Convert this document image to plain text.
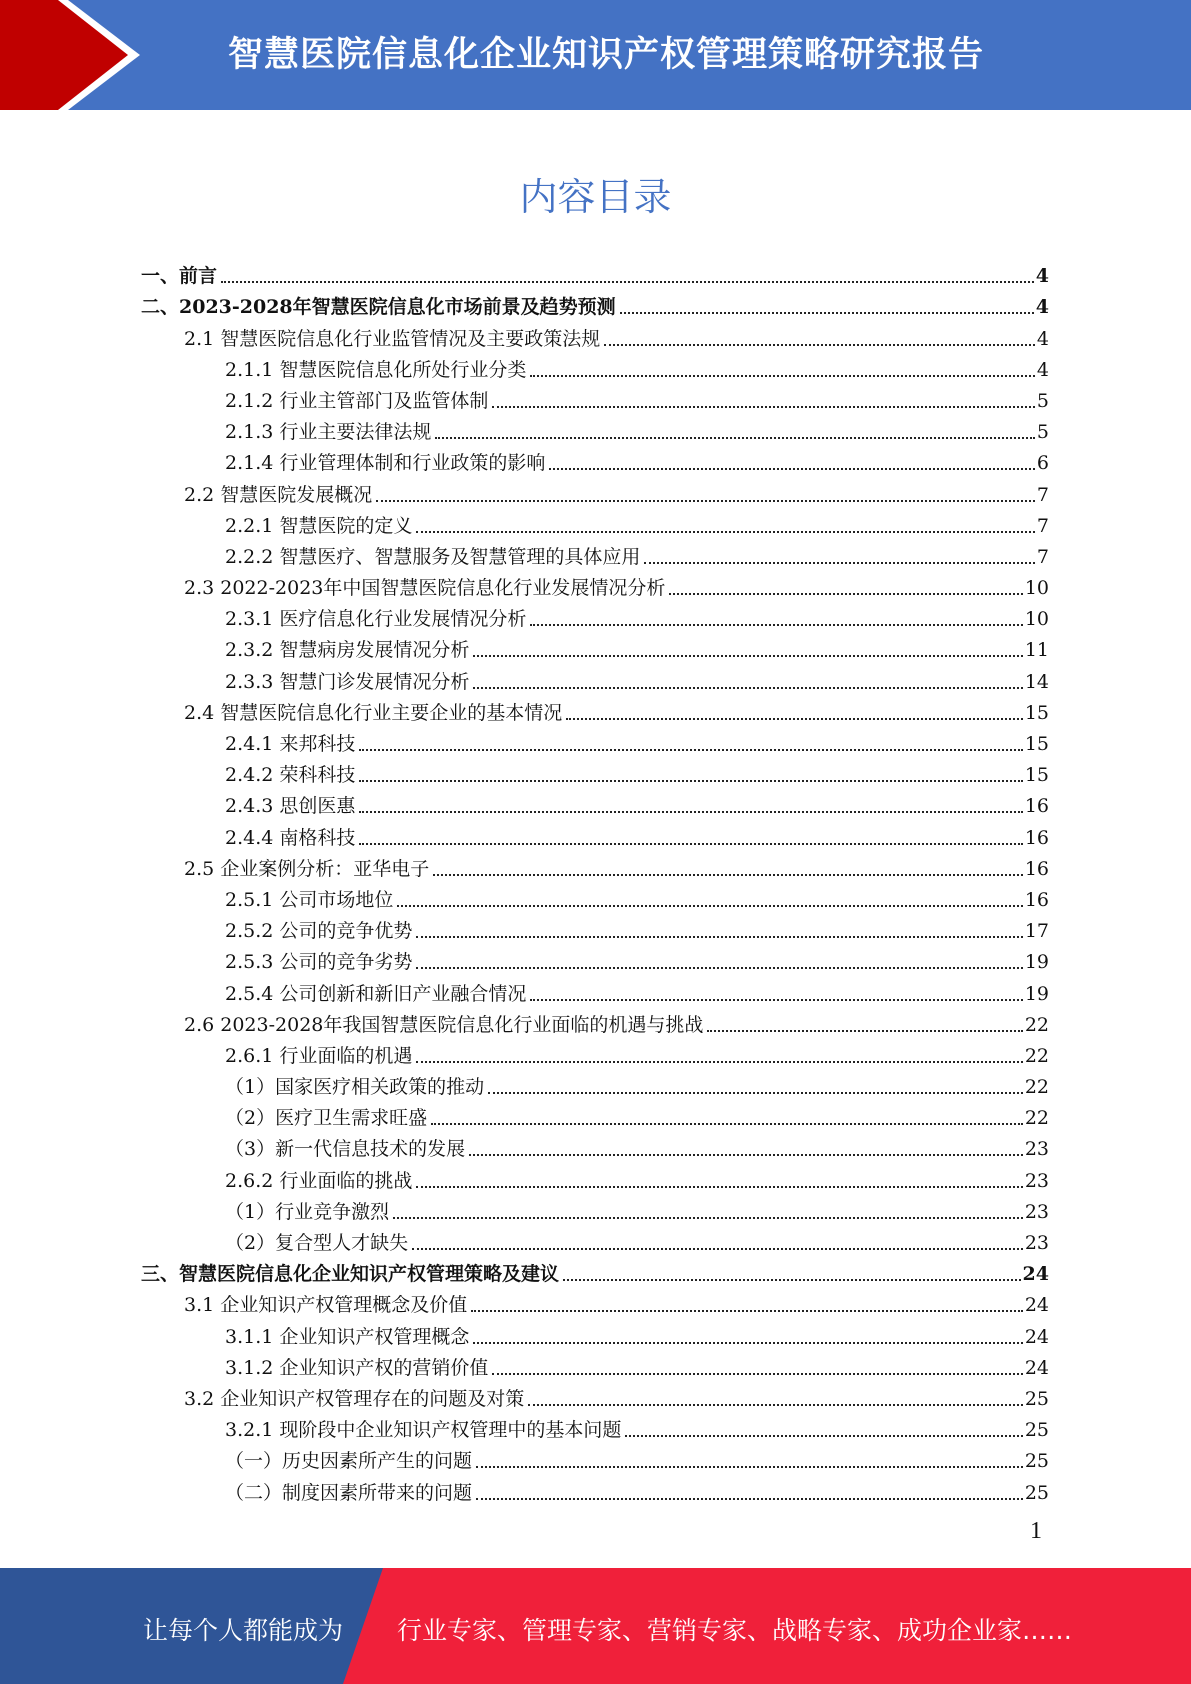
智慧医院信息化企业知识产权管理策略研究报告
内容目录
一、前言	4
二、2023-2028年智慧医院信息化市场前景及趋势预测	4
2.1 智慧医院信息化行业监管情况及主要政策法规	4
2.1.1 智慧医院信息化所处行业分类	4
2.1.2 行业主管部门及监管体制	5
2.1.3 行业主要法律法规	5
2.1.4 行业管理体制和行业政策的影响	6
2.2 智慧医院发展概况	7
2.2.1 智慧医院的定义	7
2.2.2 智慧医疗、智慧服务及智慧管理的具体应用	7
2.3 2022-2023年中国智慧医院信息化行业发展情况分析	10
2.3.1 医疗信息化行业发展情况分析	10
2.3.2 智慧病房发展情况分析	11
2.3.3 智慧门诊发展情况分析	14
2.4 智慧医院信息化行业主要企业的基本情况	15
2.4.1 来邦科技	15
2.4.2 荣科科技	15
2.4.3 思创医惠	16
2.4.4 南格科技	16
2.5 企业案例分析：亚华电子	16
2.5.1 公司市场地位	16
2.5.2 公司的竞争优势	17
2.5.3 公司的竞争劣势	19
2.5.4 公司创新和新旧产业融合情况	19
2.6 2023-2028年我国智慧医院信息化行业面临的机遇与挑战	22
2.6.1 行业面临的机遇	22
（1）国家医疗相关政策的推动	22
（2）医疗卫生需求旺盛	22
（3）新一代信息技术的发展	23
2.6.2 行业面临的挑战	23
（1）行业竞争激烈	23
（2）复合型人才缺失	23
三、智慧医院信息化企业知识产权管理策略及建议	24
3.1 企业知识产权管理概念及价值	24
3.1.1 企业知识产权管理概念	24
3.1.2 企业知识产权的营销价值	24
3.2 企业知识产权管理存在的问题及对策	25
3.2.1 现阶段中企业知识产权管理中的基本问题	25
（一）历史因素所产生的问题	25
（二）制度因素所带来的问题	25
1
让每个人都能成为 行业专家、管理专家、营销专家、战略专家、成功企业家……
